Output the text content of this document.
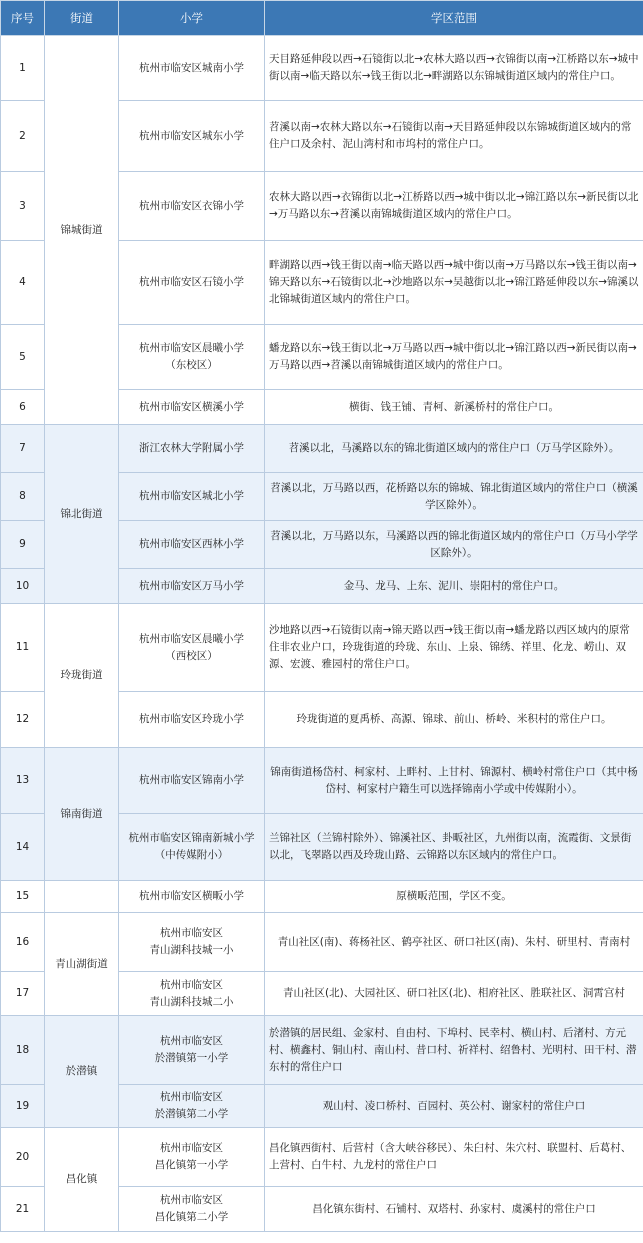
序号	街道	小学	学区范围
1	锦城街道	杭州市临安区城南小学	天目路延伸段以西→石镜街以北→农林大路以西→衣锦街以南→江桥路以东→城中街以南→临天路以东→钱王街以北→畔湖路以东锦城街道区域内的常住户口。
2		杭州市临安区城东小学	苕溪以南→农林大路以东→石镜街以南→天目路延伸段以东锦城街道区域内的常住户口及余村、泥山湾村和市坞村的常住户口。
3		杭州市临安区衣锦小学	农林大路以西→衣锦街以北→江桥路以西→城中街以北→锦江路以东→新民街以北→万马路以东→苕溪以南锦城街道区域内的常住户口。
4		杭州市临安区石镜小学	畔湖路以西→钱王街以南→临天路以西→城中街以南→万马路以东→钱王街以南→锦天路以东→石镜街以北→沙地路以东→吴越街以北→锦江路延伸段以东→锦溪以北锦城街道区域内的常住户口。
5		杭州市临安区晨曦小学
（东校区）	蟠龙路以东→钱王街以北→万马路以西→城中街以北→锦江路以西→新民街以南→万马路以西→苕溪以南锦城街道区域内的常住户口。
6		杭州市临安区横溪小学	横街、钱王铺、青柯、新溪桥村的常住户口。
7	锦北街道	浙江农林大学附属小学	苕溪以北，马溪路以东的锦北街道区域内的常住户口（万马学区除外）。
8		杭州市临安区城北小学	苕溪以北，万马路以西，花桥路以东的锦城、锦北街道区域内的常住户口（横溪学区除外）。
9		杭州市临安区西林小学	苕溪以北，万马路以东，马溪路以西的锦北街道区域内的常住户口（万马小学学区除外）。
10		杭州市临安区万马小学	金马、龙马、上东、泥川、崇阳村的常住户口。
11	玲珑街道	杭州市临安区晨曦小学
（西校区）	沙地路以西→石镜街以南→锦天路以西→钱王街以南→蟠龙路以西区域内的原常住非农业户口，玲珑街道的玲珑、东山、上泉、锦绣、祥里、化龙、崂山、双源、宏渡、雅园村的常住户口。
12		杭州市临安区玲珑小学	玲珑街道的夏禹桥、高源、锦球、前山、桥岭、米积村的常住户口。
13	锦南街道	杭州市临安区锦南小学	锦南街道杨岱村、柯家村、上畔村、上甘村、锦源村、横岭村常住户口（其中杨岱村、柯家村户籍生可以选择锦南小学或中传媒附小）。
14		杭州市临安区锦南新城小学
（中传媒附小）	兰锦社区（兰锦村除外）、锦溪社区、卦畈社区，九州街以南，流霞街、文景街以北，飞翠路以西及玲珑山路、云锦路以东区域内的常住户口。
15		杭州市临安区横畈小学	原横畈范围，学区不变。
16	青山湖街道	杭州市临安区
青山湖科技城一小	青山社区(南)、蒋杨社区、鹤亭社区、研口社区(南)、朱村、研里村、青南村
17		杭州市临安区
青山湖科技城二小	青山社区(北)、大园社区、研口社区(北)、相府社区、胜联社区、洞霄宫村
18	於潜镇	杭州市临安区
於潜镇第一小学	於潜镇的居民组、金家村、自由村、下埠村、民幸村、横山村、后渚村、方元村、横鑫村、铜山村、南山村、昔口村、祈祥村、绍鲁村、光明村、田干村、潜东村的常住户口
19		杭州市临安区
於潜镇第二小学	观山村、凌口桥村、百园村、英公村、谢家村的常住户口
20	昌化镇	杭州市临安区
昌化镇第一小学	昌化镇西街村、后营村（含大峡谷移民）、朱臼村、朱穴村、联盟村、后葛村、上营村、白牛村、九龙村的常住户口
21		杭州市临安区
昌化镇第二小学	昌化镇东街村、石铺村、双塔村、孙家村、虞溪村的常住户口
